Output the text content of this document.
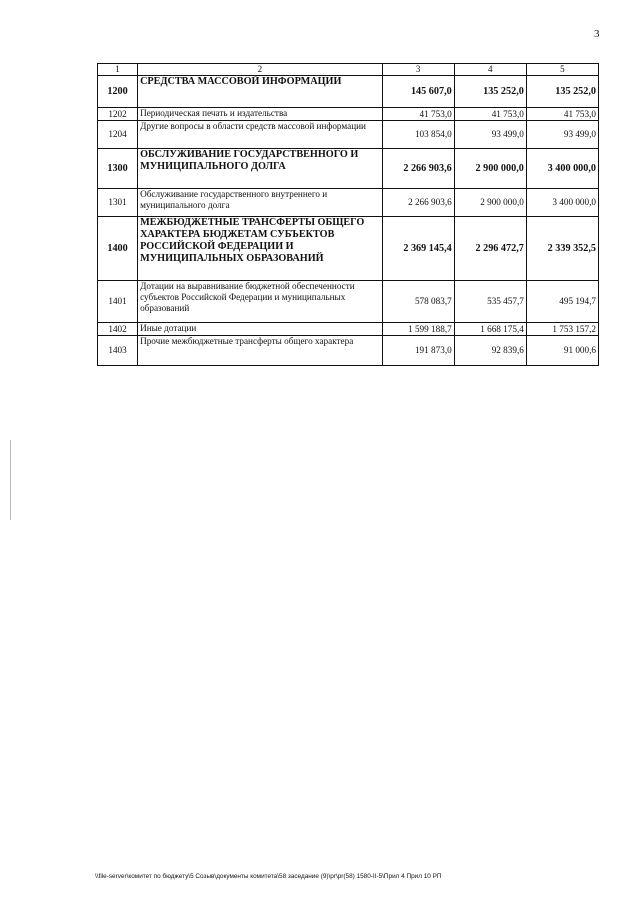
3
1	2	3	4	5
1200	СРЕДСТВА МАССОВОЙ ИНФОРМАЦИИ	145 607,0	135 252,0	135 252,0
1202	Периодическая печать и издательства	41 753,0	41 753,0	41 753,0
1204	Другие вопросы в области средств массовой информации	103 854,0	93 499,0	93 499,0
1300	ОБСЛУЖИВАНИЕ ГОСУДАРСТВЕННОГО И МУНИЦИПАЛЬНОГО ДОЛГА	2 266 903,6	2 900 000,0	3 400 000,0
1301	Обслуживание государственного внутреннего и муниципального долга	2 266 903,6	2 900 000,0	3 400 000,0
1400	МЕЖБЮДЖЕТНЫЕ ТРАНСФЕРТЫ ОБЩЕГО ХАРАКТЕРА БЮДЖЕТАМ СУБЪЕКТОВ РОССИЙСКОЙ ФЕДЕРАЦИИ И МУНИЦИПАЛЬНЫХ ОБРАЗОВАНИЙ	2 369 145,4	2 296 472,7	2 339 352,5
1401	Дотации на выравнивание бюджетной обеспеченности субъектов Российской Федерации и муниципальных образований	578 083,7	535 457,7	495 194,7
1402	Иные дотации	1 599 188,7	1 668 175,4	1 753 157,2
1403	Прочие межбюджетные трансферты общего характера	191 873,0	92 839,6	91 000,6
\\file-server\комитет по бюджету\5 Созыв\документы комитета\58 заседание (9)\pr\pr(58) 1580-II-5\Прил 4 Прил 10 РП
